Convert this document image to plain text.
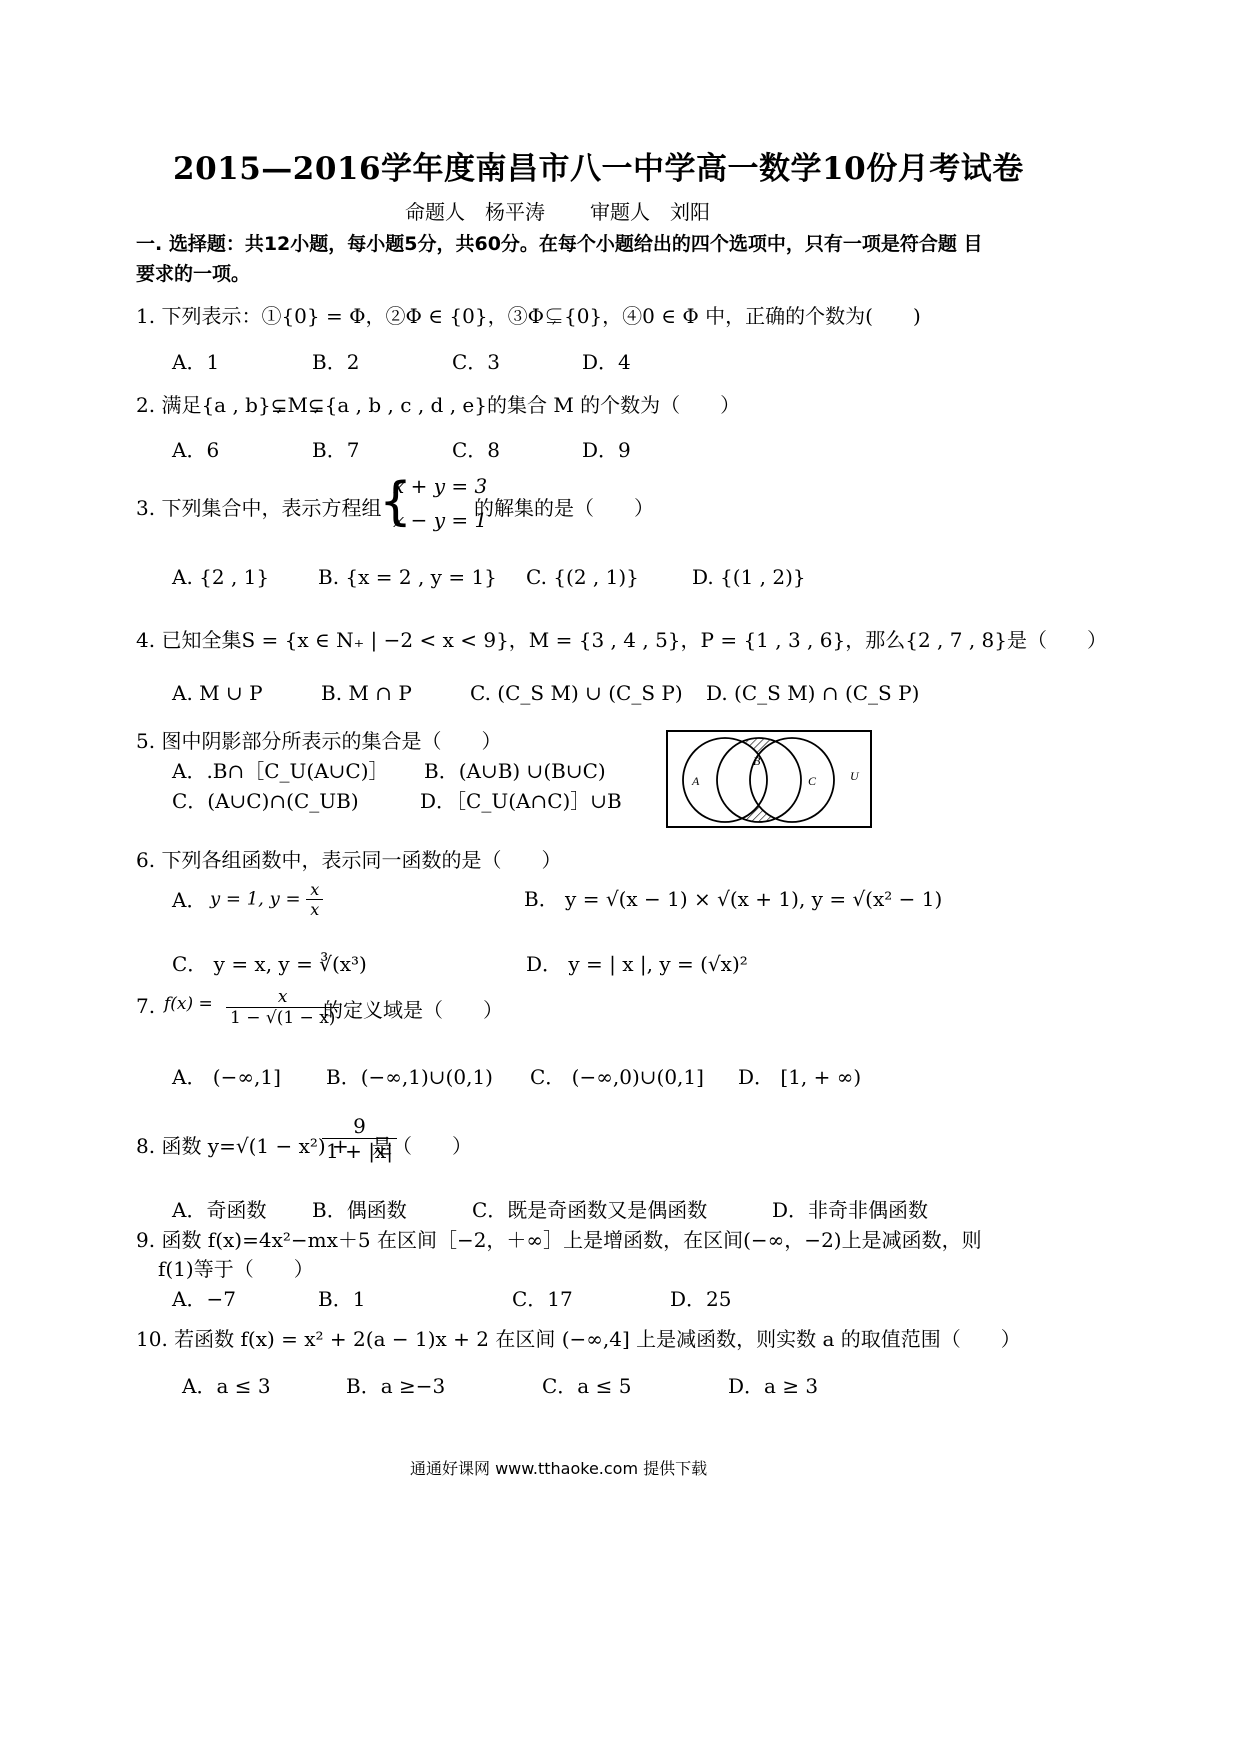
2015—2016学年度南昌市八一中学高一数学10份月考试卷
命题人　杨平涛 审题人　刘阳
一. 选择题：共12小题，每小题5分，共60分。在每个小题给出的四个选项中，只有一项是符合题 目
要求的一项。
1. 下列表示：①{0} = Φ，②Φ ∈ {0}，③Φ⊊{0}，④0 ∈ Φ 中，正确的个数为(　　)
A．1	B．2	C．3	D．4
2. 满足{a , b}⊊M⊊{a , b , c , d , e}的集合 M 的个数为（　　）
A．6	B．7	C．8	D．9
3. 下列集合中，表示方程组
{
x + y = 3
x − y = 1
的解集的是（　　）
A. {2 , 1} B. {x = 2 , y = 1} C. {(2 , 1)}	D. {(1 , 2)}
4. 已知全集S = {x ∈ N₊ | −2 < x < 9}，M = {3 , 4 , 5}，P = {1 , 3 , 6}，那么{2 , 7 , 8}是（　　）
A. M ∪ P	B. M ∩ P	C. (C_S M) ∪ (C_S P) D. (C_S M) ∩ (C_S P)
5. 图中阴影部分所表示的集合是（　　）
A．.B∩［C_U(A∪C)］ B．(A∪B) ∪(B∪C)
C．(A∪C)∩(C_UB)	D．［C_U(A∩C)］∪B
A
B
C	U
6. 下列各组函数中，表示同一函数的是（　　）
A． y = 1, $y = \frac{x}{x}$	B． y = √(x − 1) × √(x + 1), y = √(x² − 1)
C． y = x, y = ∛(x³)	D． y = | x |, y = (√x)²
7. $f(x) = \frac{x}{1 - √(1 - x)}$
的定义域是（　　）
A． (−∞,1] B．(−∞,1)∪(0,1) C． (−∞,0)∪(0,1] D． [1, + ∞)
8. 函数 y=√(1 − x²) +
$\frac{9}{1 + |x|}$
是（　　）
A．奇函数 B．偶函数	C．既是奇函数又是偶函数	D．非奇非偶函数
9. 函数 f(x)=4x²−mx＋5 在区间［−2，＋∞］上是增函数，在区间(−∞，−2)上是减函数，则
f(1)等于（　　）
A．−7	B．1	C．17	D．25
10. 若函数 f(x) = x² + 2(a − 1)x + 2 在区间 (−∞,4] 上是减函数，则实数 a 的取值范围（　　）
A．a ≤ 3	B．a ≥−3	C．a ≤ 5	D．a ≥ 3
通通好课网 www.tthaoke.com 提供下载
